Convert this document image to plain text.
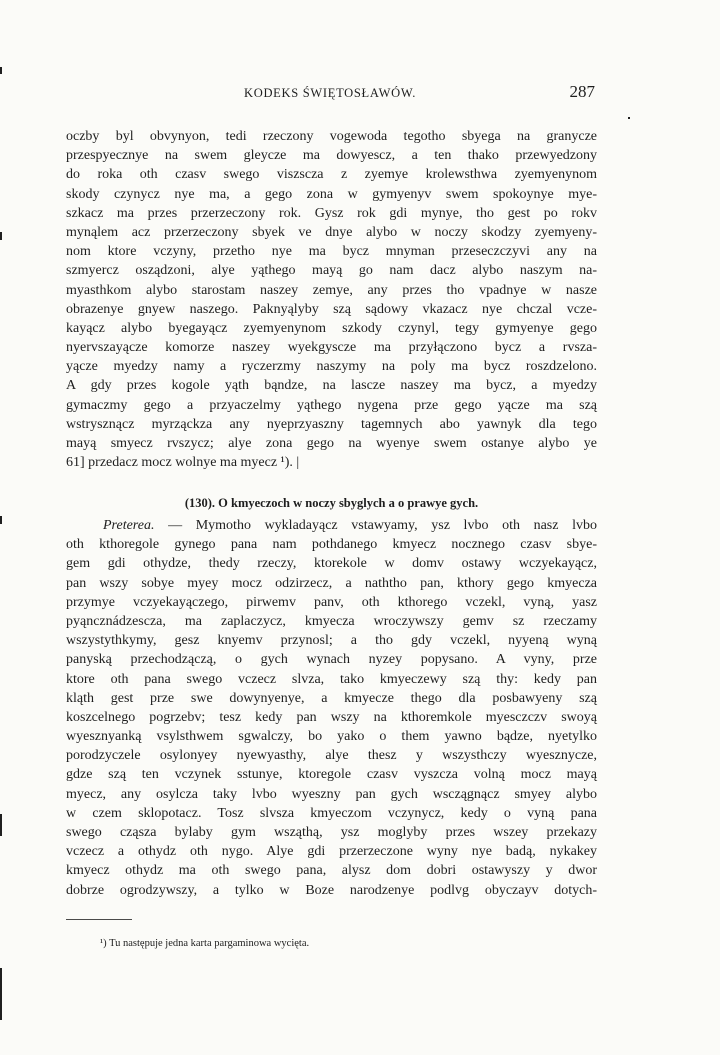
KODEKS ŚWIĘTOSŁAWÓW.	287
oczby byl obvynyon, tedi rzeczony vogewoda tegotho sbyega na granycze
przespyecznye na swem gleycze ma dowyescz, a ten thako przewyedzony
do roka oth czasv swego viszscza z zyemye krolewsthwa zyemyenynom
skody czynycz nye ma, a gego zona w gymyenyv swem spokoynye mye-
szkacz ma przes przerzeczony rok. Gysz rok gdi mynye, tho gest po rokv
mynąlem acz przerzeczony sbyek ve dnye alybo w noczy skodzy zyemyeny-
nom ktore vczyny, przetho nye ma bycz mnyman przeseczczyvi any na
szmyercz osządzoni, alye yąthego mayą go nam dacz alybo naszym na-
myasthkom alybo starostam naszey zemye, any przes tho vpadnye w nasze
obrazenye gnyew naszego. Paknyąlyby szą sądowy vkazacz nye chczal vcze-
kayącz alybo byegayącz zyemyenynom szkody czynyl, tegy gymyenye gego
nyervszayącze komorze naszey wyekgyscze ma przyłączono bycz a rvsza-
yącze myedzy namy a ryczerzmy naszymy na poly ma bycz roszdzelono.
A gdy przes kogole yąth bąndze, na lascze naszey ma bycz, a myedzy
gymaczmy gego a przyaczelmy yąthego nygena prze gego yącze ma szą
wstrysznącz myrząckza any nyeprzyaszny tagemnych abo yawnyk dla tego
mayą smyecz rvszycz; alye zona gego na wyenye swem ostanye alybo ye
61] przedacz mocz wolnye ma myecz ¹). |
(130). O kmyeczoch w noczy sbyglych a o prawye gych.
Preterea. — Mymotho wykladayącz vstawyamy, ysz lvbo oth nasz lvbo
oth kthoregole gynego pana nam pothdanego kmyecz nocznego czasv sbye-
gem gdi othydze, thedy rzeczy, ktorekole w domv ostawy wczyekayącz,
pan wszy sobye myey mocz odzirzecz, a naththo pan, kthory gego kmyecza
przymye vczyekayączego, pirwemv panv, oth kthorego vczekl, vyną, yasz
pyąncznádzescza, ma zaplaczycz, kmyecza wroczywszy gemv sz rzeczamy
wszystythkymy, gesz knyemv przynosl; a tho gdy vczekl, nyyeną wyną
panyską przechodzączą, o gych wynach nyzey popysano. A vyny, prze
ktore oth pana swego vczecz slvza, tako kmyeczewy szą thy: kedy pan
kląth gest prze swe dowynyenye, a kmyecze thego dla posbawyeny szą
koszcelnego pogrzebv; tesz kedy pan wszy na kthoremkole myesczczv swoyą
wyesznyanką vsylsthwem sgwalczy, bo yako o them yawno bądze, nyetylko
porodzyczele osylonyey nyewyasthy, alye thesz y wszysthczy wyesznycze,
gdze szą ten vczynek sstunye, ktoregole czasv vyszcza volną mocz mayą
myecz, any osylcza taky lvbo wyeszny pan gych wsczągnącz smyey alybo
w czem sklopotacz. Tosz slvsza kmyeczom vczynycz, kedy o vyną pana
swego cząsza bylaby gym wsząthą, ysz moglyby przes wszey przekazy
vczecz a othydz oth nygo. Alye gdi przerzeczone wyny nye badą, nykakey
kmyecz othydz ma oth swego pana, alysz dom dobri ostawyszy y dwor
dobrze ogrodzywszy, a tylko w Boze narodzenye podlvg obyczayv dotych-
¹) Tu następuje jedna karta pargaminowa wycięta.
